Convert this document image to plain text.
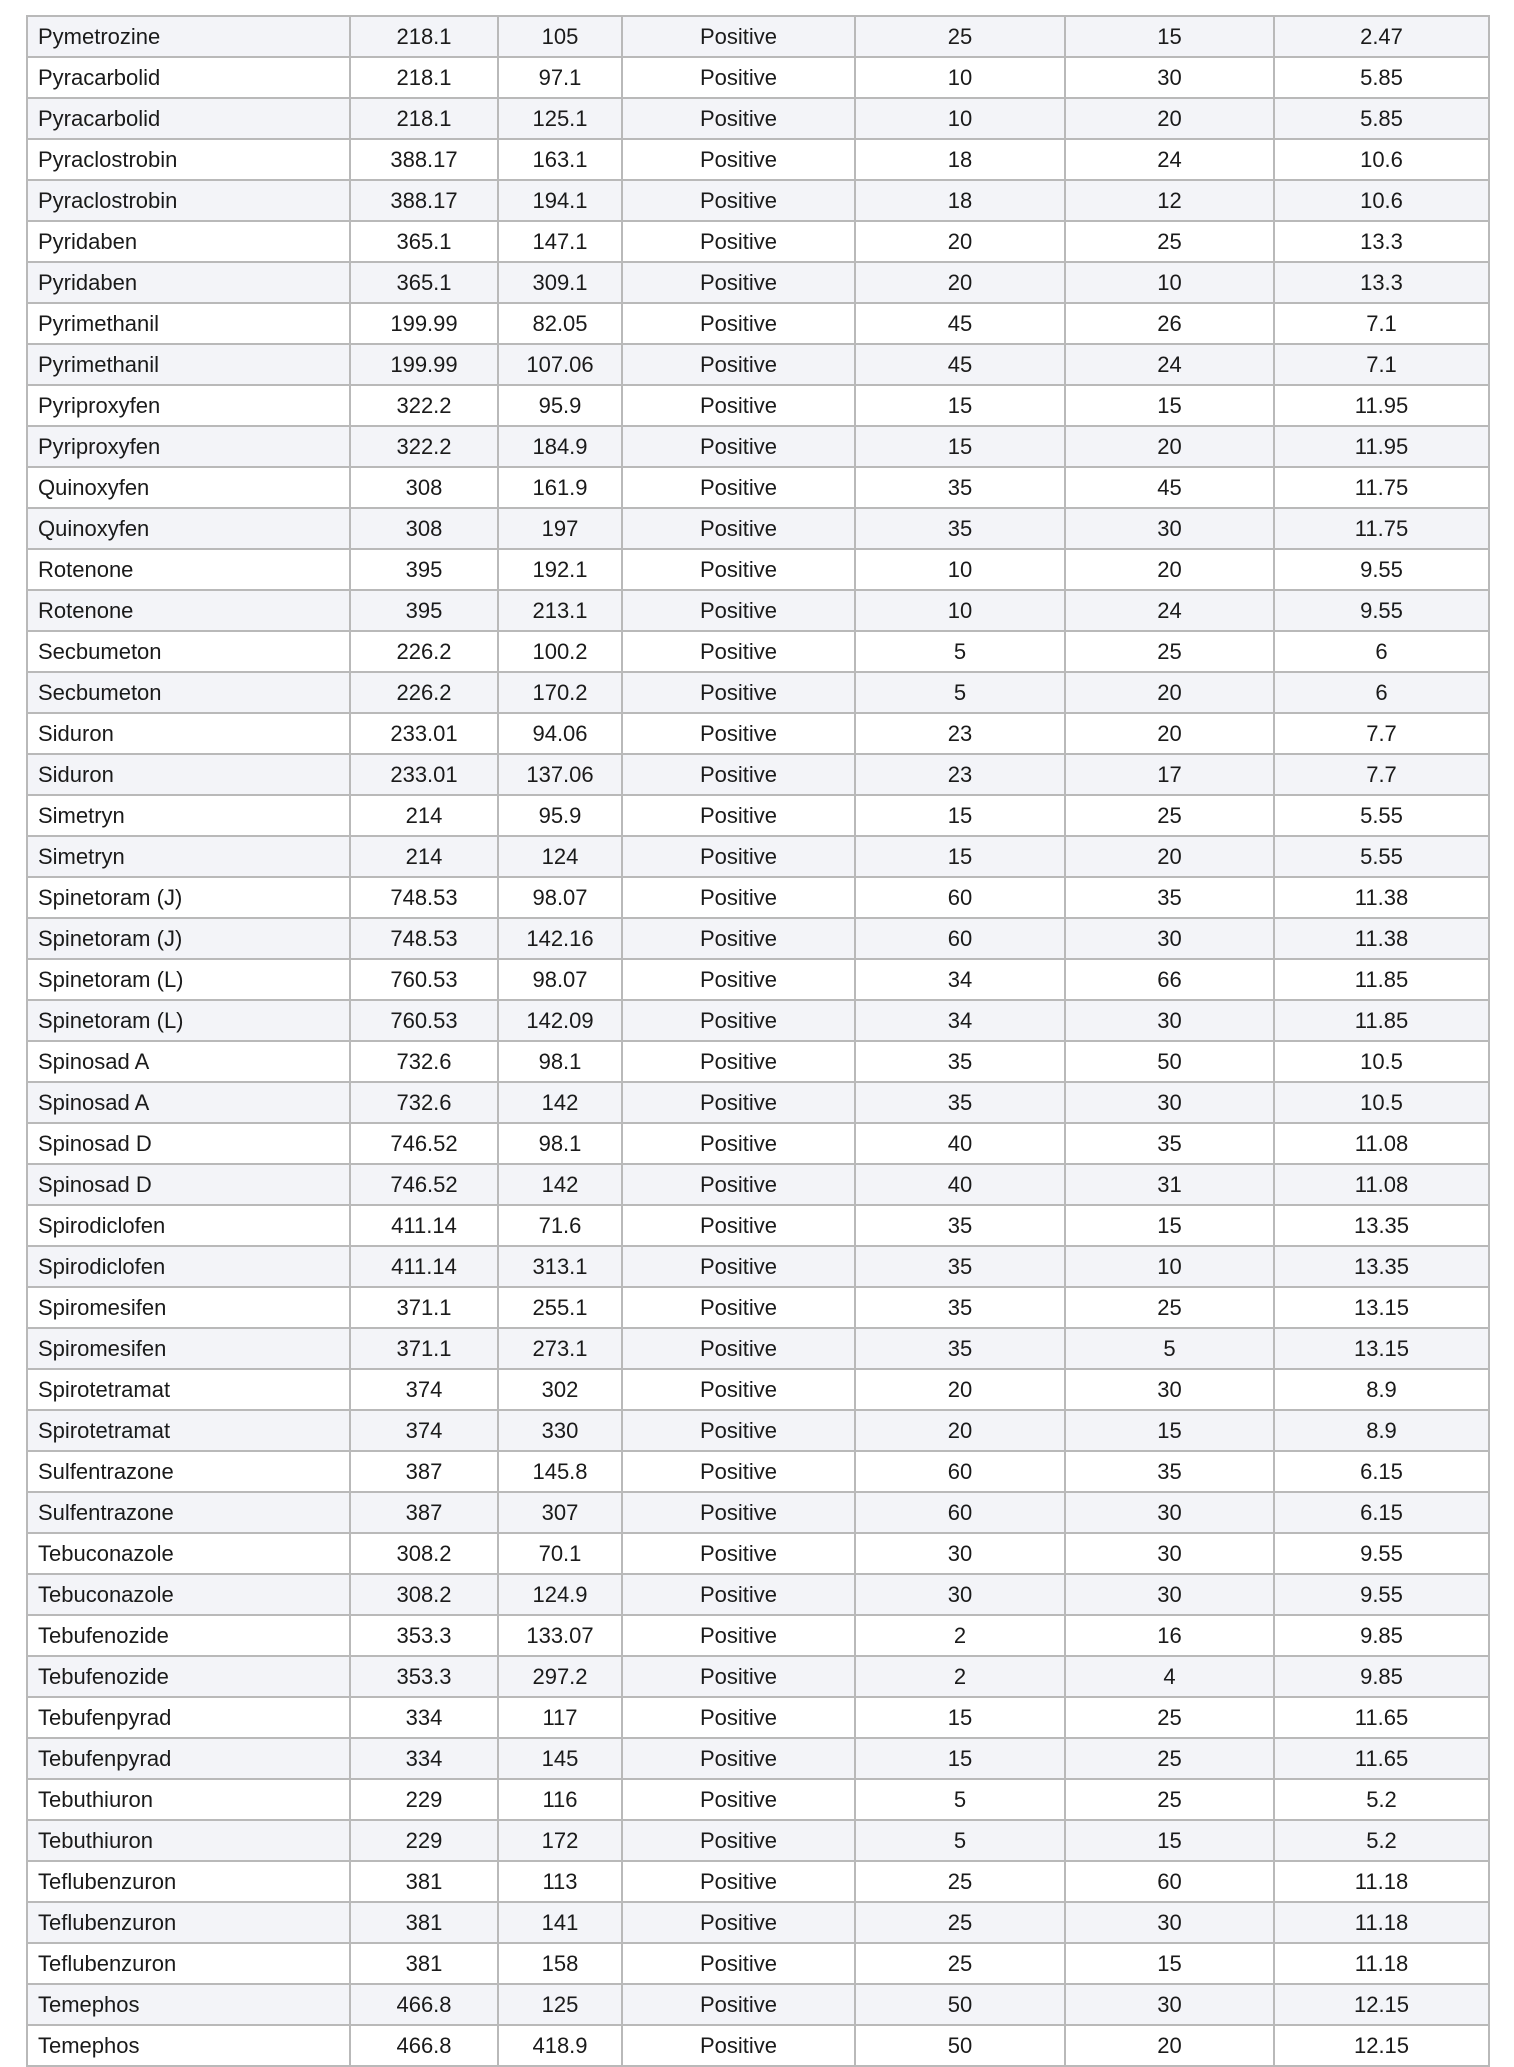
Pymetrozine	218.1	105	Positive	25	15	2.47
Pyracarbolid	218.1	97.1	Positive	10	30	5.85
Pyracarbolid	218.1	125.1	Positive	10	20	5.85
Pyraclostrobin	388.17	163.1	Positive	18	24	10.6
Pyraclostrobin	388.17	194.1	Positive	18	12	10.6
Pyridaben	365.1	147.1	Positive	20	25	13.3
Pyridaben	365.1	309.1	Positive	20	10	13.3
Pyrimethanil	199.99	82.05	Positive	45	26	7.1
Pyrimethanil	199.99	107.06	Positive	45	24	7.1
Pyriproxyfen	322.2	95.9	Positive	15	15	11.95
Pyriproxyfen	322.2	184.9	Positive	15	20	11.95
Quinoxyfen	308	161.9	Positive	35	45	11.75
Quinoxyfen	308	197	Positive	35	30	11.75
Rotenone	395	192.1	Positive	10	20	9.55
Rotenone	395	213.1	Positive	10	24	9.55
Secbumeton	226.2	100.2	Positive	5	25	6
Secbumeton	226.2	170.2	Positive	5	20	6
Siduron	233.01	94.06	Positive	23	20	7.7
Siduron	233.01	137.06	Positive	23	17	7.7
Simetryn	214	95.9	Positive	15	25	5.55
Simetryn	214	124	Positive	15	20	5.55
Spinetoram (J)	748.53	98.07	Positive	60	35	11.38
Spinetoram (J)	748.53	142.16	Positive	60	30	11.38
Spinetoram (L)	760.53	98.07	Positive	34	66	11.85
Spinetoram (L)	760.53	142.09	Positive	34	30	11.85
Spinosad A	732.6	98.1	Positive	35	50	10.5
Spinosad A	732.6	142	Positive	35	30	10.5
Spinosad D	746.52	98.1	Positive	40	35	11.08
Spinosad D	746.52	142	Positive	40	31	11.08
Spirodiclofen	411.14	71.6	Positive	35	15	13.35
Spirodiclofen	411.14	313.1	Positive	35	10	13.35
Spiromesifen	371.1	255.1	Positive	35	25	13.15
Spiromesifen	371.1	273.1	Positive	35	5	13.15
Spirotetramat	374	302	Positive	20	30	8.9
Spirotetramat	374	330	Positive	20	15	8.9
Sulfentrazone	387	145.8	Positive	60	35	6.15
Sulfentrazone	387	307	Positive	60	30	6.15
Tebuconazole	308.2	70.1	Positive	30	30	9.55
Tebuconazole	308.2	124.9	Positive	30	30	9.55
Tebufenozide	353.3	133.07	Positive	2	16	9.85
Tebufenozide	353.3	297.2	Positive	2	4	9.85
Tebufenpyrad	334	117	Positive	15	25	11.65
Tebufenpyrad	334	145	Positive	15	25	11.65
Tebuthiuron	229	116	Positive	5	25	5.2
Tebuthiuron	229	172	Positive	5	15	5.2
Teflubenzuron	381	113	Positive	25	60	11.18
Teflubenzuron	381	141	Positive	25	30	11.18
Teflubenzuron	381	158	Positive	25	15	11.18
Temephos	466.8	125	Positive	50	30	12.15
Temephos	466.8	418.9	Positive	50	20	12.15
